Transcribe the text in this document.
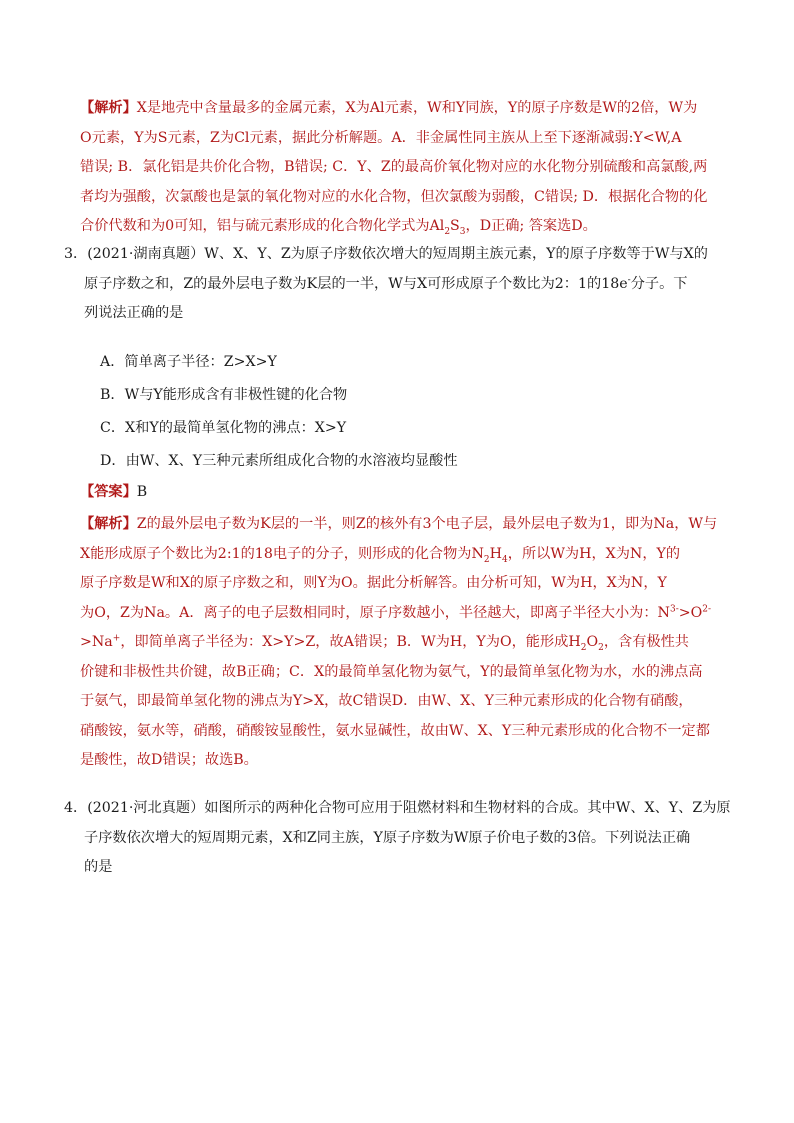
【解析】X是地壳中含量最多的金属元素，X为Al元素，W和Y同族，Y的原子序数是W的2倍，W为
O元素，Y为S元素，Z为Cl元素，据此分析解题。A．非金属性同主族从上至下逐渐减弱:Y<W,A
错误; B．氯化铝是共价化合物，B错误; C．Y、Z的最高价氧化物对应的水化物分别硫酸和高氯酸,两
者均为强酸，次氯酸也是氯的氧化物对应的水化合物，但次氯酸为弱酸，C错误; D．根据化合物的化
合价代数和为0可知，铝与硫元素形成的化合物化学式为$Al_2S_3$，D正确; 答案选D。
3．(2021·湖南真题）W、X、Y、Z为原子序数依次增大的短周期主族元素，Y的原子序数等于W与X的
原子序数之和，Z的最外层电子数为K层的一半，W与X可形成原子个数比为2：1的18e-分子。下
列说法正确的是
A．简单离子半径：Z>X>Y
B．W与Y能形成含有非极性键的化合物
C．X和Y的最简单氢化物的沸点：X>Y
D．由W、X、Y三种元素所组成化合物的水溶液均显酸性
【答案】B
【解析】Z的最外层电子数为K层的一半，则Z的核外有3个电子层，最外层电子数为1，即为Na，W与
X能形成原子个数比为2:1的18电子的分子，则形成的化合物为$N_2H_4$，所以W为H，X为N，Y的
原子序数是W和X的原子序数之和，则Y为O。据此分析解答。由分析可知，W为H，X为N，Y
为O，Z为Na。A．离子的电子层数相同时，原子序数越小，半径越大，即离子半径大小为：$N^{3-}>O^{2-}$
>Na+，即简单离子半径为：X>Y>Z，故A错误；B．W为H，Y为O，能形成$H_2O_2$，含有极性共
价键和非极性共价键，故B正确；C．X的最简单氢化物为氨气，Y的最简单氢化物为水，水的沸点高
于氨气，即最简单氢化物的沸点为Y>X，故C错误D．由W、X、Y三种元素形成的化合物有硝酸，
硝酸铵，氨水等，硝酸，硝酸铵显酸性，氨水显碱性，故由W、X、Y三种元素形成的化合物不一定都
是酸性，故D错误；故选B。
4．(2021·河北真题）如图所示的两种化合物可应用于阻燃材料和生物材料的合成。其中W、X、Y、Z为原
子序数依次增大的短周期元素，X和Z同主族，Y原子序数为W原子价电子数的3倍。下列说法正确
的是
